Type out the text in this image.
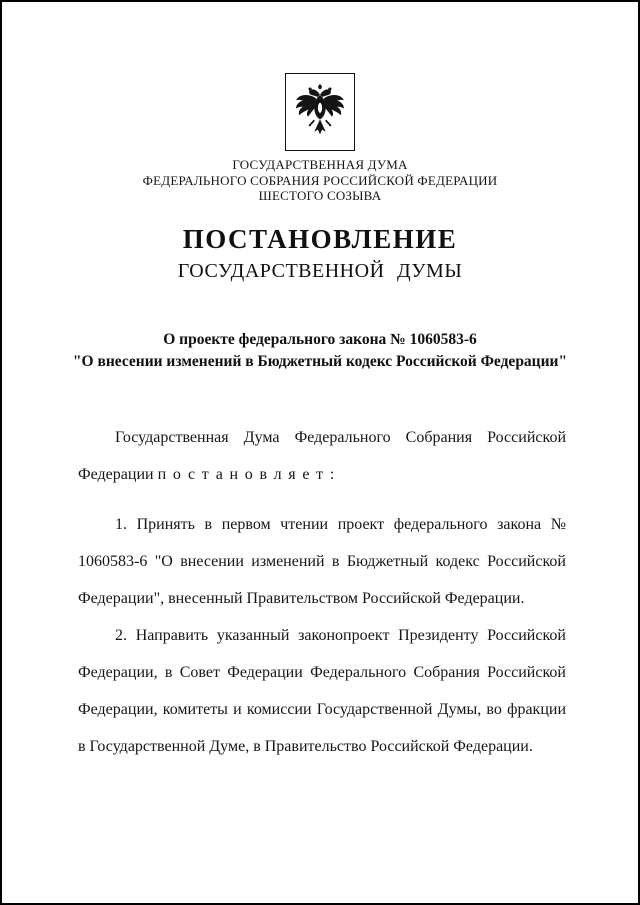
ГОСУДАРСТВЕННАЯ ДУМА
ФЕДЕРАЛЬНОГО СОБРАНИЯ РОССИЙСКОЙ ФЕДЕРАЦИИ
ШЕСТОГО СОЗЫВА
ПОСТАНОВЛЕНИЕ
ГОСУДАРСТВЕННОЙ ДУМЫ
О проекте федерального закона № 1060583-6
"О внесении изменений в Бюджетный кодекс Российской Федерации"

Государственная Дума Федерального Собрания Российской Федерации постановляет:

1. Принять в первом чтении проект федерального закона № 1060583-6 "О внесении изменений в Бюджетный кодекс Российской Федерации", внесенный Правительством Российской Федерации.

2. Направить указанный законопроект Президенту Российской Федерации, в Совет Федерации Федерального Собрания Российской Федерации, комитеты и комиссии Государственной Думы, во фракции в Государственной Думе, в Правительство Российской Федерации.
